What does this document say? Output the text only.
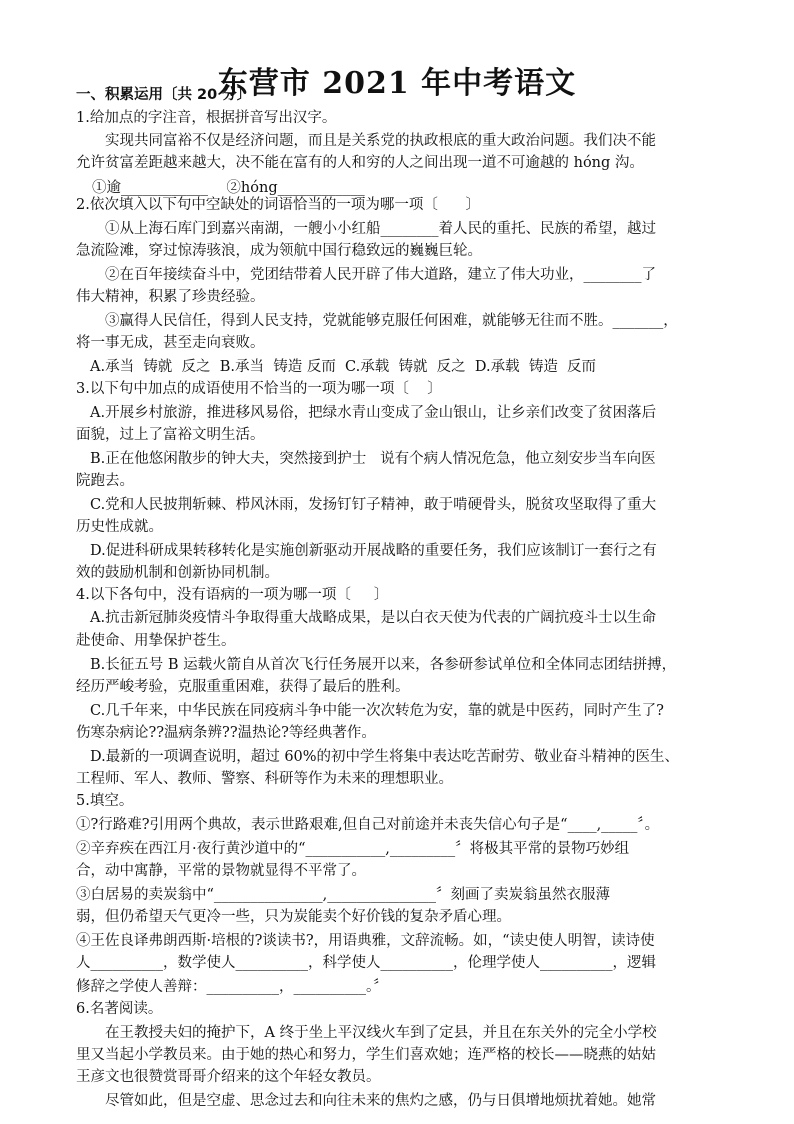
东营市 2021 年中考语文
一、积累运用〔共 20 分〕
1.给加点的字注音，根据拼音写出汉字。
实现共同富裕不仅是经济问题，而且是关系党的执政根底的重大政治问题。我们决不能
允许贫富差距越来越大，决不能在富有的人和穷的人之间出现一道不可逾越的 hóng 沟。
①逾____________    ②hóng____________
2.依次填入以下句中空缺处的词语恰当的一项为哪一项〔      〕
①从上海石库门到嘉兴南湖，一艘小小红船________着人民的重托、民族的希望，越过
急流险滩，穿过惊涛骇浪，成为领航中国行稳致远的巍巍巨轮。
②在百年接续奋斗中，党团结带着人民开辟了伟大道路，建立了伟大功业，________了
伟大精神，积累了珍贵经验。
③赢得人民信任，得到人民支持，党就能够克服任何困难，就能够无往而不胜。_______，
将一事无成，甚至走向衰败。
A.承当  铸就  反之  B.承当  铸造 反而  C.承载  铸就  反之  D.承载  铸造  反而
3.以下句中加点的成语使用不恰当的一项为哪一项〔    〕
A.开展乡村旅游，推进移风易俗，把绿水青山变成了金山银山，让乡亲们改变了贫困落后
面貌，过上了富裕文明生活。
B.正在他悠闲散步的钟大夫，突然接到护士   说有个病人情况危急，他立刻安步当车向医
院跑去。
C.党和人民披荆斩棘、栉风沐雨，发扬钉钉子精神，敢于啃硬骨头，脱贫攻坚取得了重大
历史性成就。
D.促进科研成果转移转化是实施创新驱动开展战略的重要任务，我们应该制订一套行之有
效的鼓励机制和创新协同机制。
4.以下各句中，没有语病的一项为哪一项〔     〕
A.抗击新冠肺炎疫情斗争取得重大战略成果，是以白衣天使为代表的广阔抗疫斗士以生命
赴使命、用挚保护苍生。
B.长征五号 B 运载火箭自从首次飞行任务展开以来，各参研参试单位和全体同志团结拼搏，
经历严峻考验，克服重重困难，获得了最后的胜利。
C.几千年来，中华民族在同疫病斗争中能一次次转危为安，靠的就是中医药，同时产生了?
伤寒杂病论??温病条辨??温热论?等经典著作。
D.最新的一项调查说明，超过 60%的初中学生将集中表达吃苦耐劳、敬业奋斗精神的医生、
工程师、军人、教师、警察、科研等作为未来的理想职业。
5.填空。
①?行路难?引用两个典故，表示世路艰难,但自己对前途并未丧失信心句子是“____,_____〞。
②辛弃疾在西江月·夜行黄沙道中的“___________,_________〞将极其平常的景物巧妙组
合，动中寓静，平常的景物就显得不平常了。
③白居易的卖炭翁中“_______________,_______________〞刻画了卖炭翁虽然衣服薄
弱，但仍希望天气更冷一些，只为炭能卖个好价钱的复杂矛盾心理。
④王佐良译弗朗西斯·培根的?谈读书?，用语典雅，文辞流畅。如，“读史使人明智，读诗使
人__________，数学使人__________，科学使人__________，伦理学使人__________，逻辑
修辞之学使人善辩：__________，__________。〞
6.名著阅读。
在王教授夫妇的掩护下，A 终于坐上平汉线火车到了定县，并且在东关外的完全小学校
里又当起小学教员来。由于她的热心和努力，学生们喜欢她；连严格的校长——晓燕的姑姑
王彦文也很赞赏哥哥介绍来的这个年轻女教员。
尽管如此，但是空虚、思念过去和向往未来的焦灼之感，仍与日俱增地烦扰着她。她常
